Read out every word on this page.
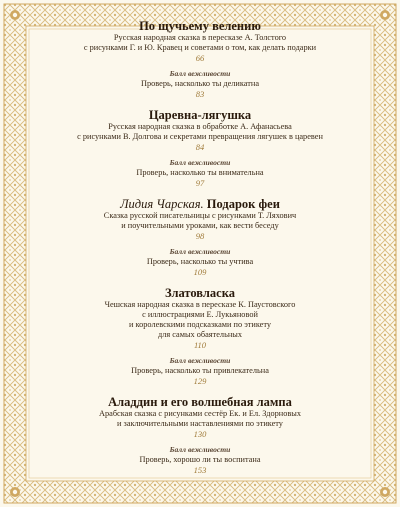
По щучьему велению

Русская народная сказка в пересказе А. Толстого

с рисунками Г. и Ю. Кравец и советами о том, как делать подарки

66

Балл вежливости

Проверь, насколько ты деликатна

83

Царевна-лягушка

Русская народная сказка в обработке А. Афанасьева

с рисунками В. Долгова и секретами превращения лягушек в царевен

84

Балл вежливости

Проверь, насколько ты внимательна

97

Лидия Чарская. Подарок феи

Сказка русской писательницы с рисунками Т. Ляхович

и поучительными уроками, как вести беседу

98

Балл вежливости

Проверь, насколько ты учтива

109

Златовласка

Чешская народная сказка в пересказе К. Паустовского

с иллюстрациями Е. Лукьяновой

и королевскими подсказками по этикету

для самых обаятельных

110

Балл вежливости

Проверь, насколько ты привлекательна

129

Аладдин и его волшебная лампа

Арабская сказка с рисунками сестёр Ек. и Ел. Здорновых

и заключительными наставлениями по этикету

130

Балл вежливости

Проверь, хорошо ли ты воспитана

153
